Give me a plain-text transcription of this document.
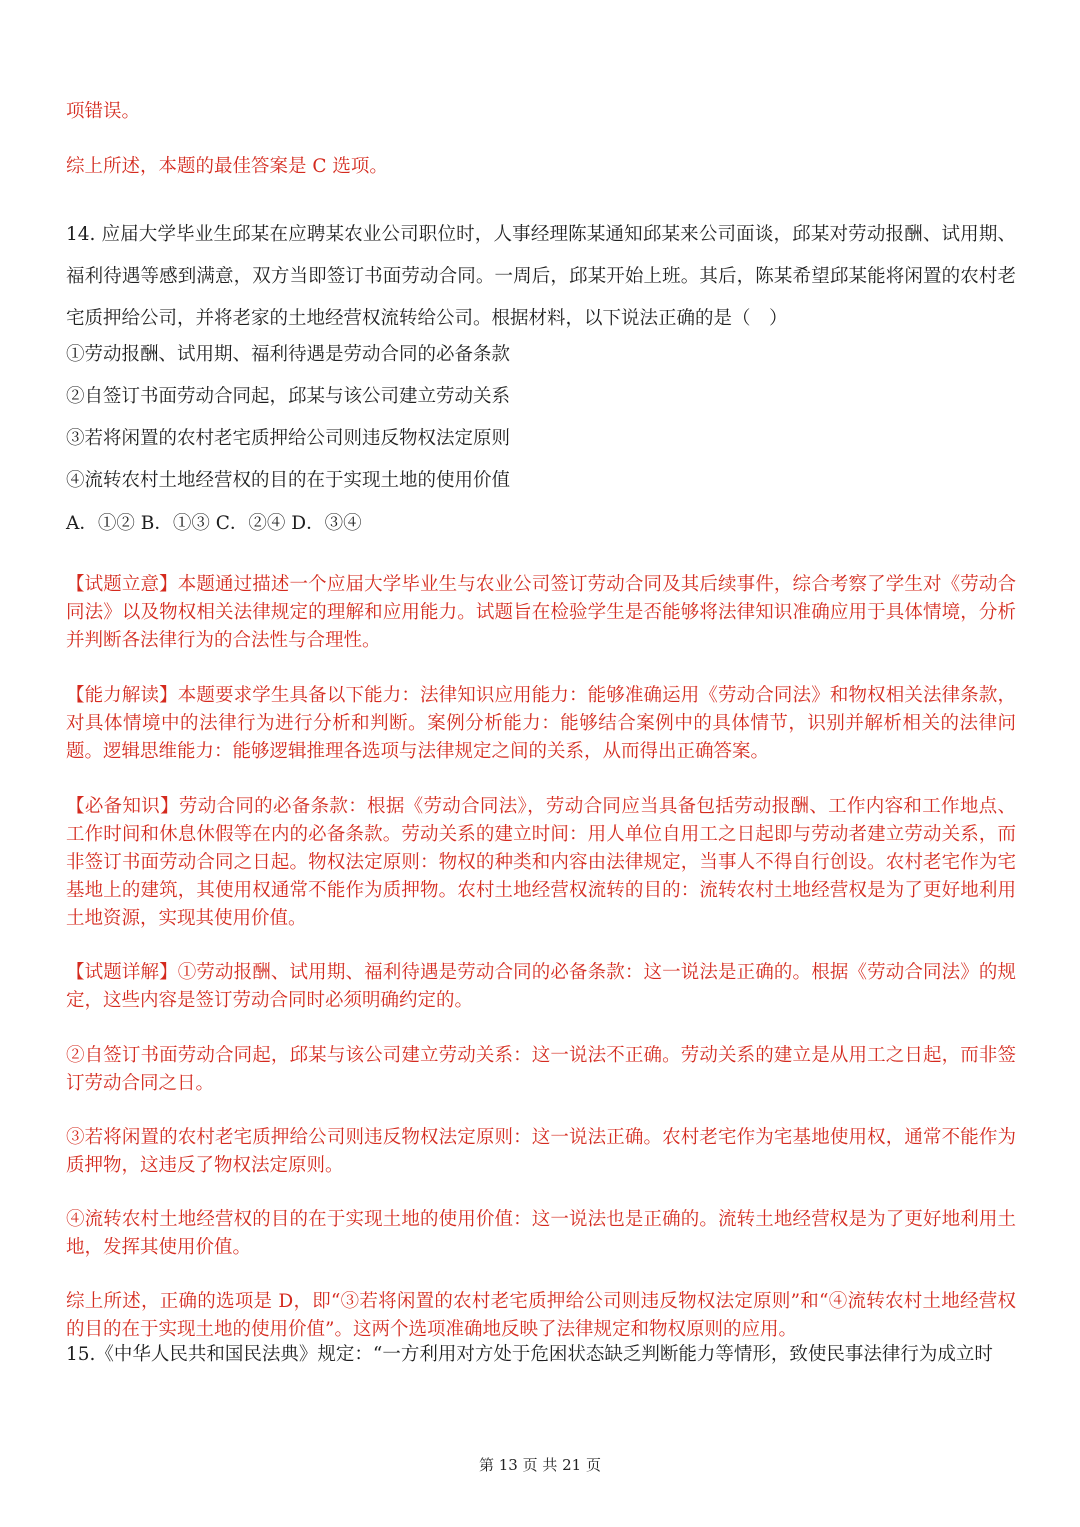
项错误。
综上所述，本题的最佳答案是 C 选项。
14. 应届大学毕业生邱某在应聘某农业公司职位时，人事经理陈某通知邱某来公司面谈，邱某对劳动报酬、试用期、福利待遇等感到满意，双方当即签订书面劳动合同。一周后，邱某开始上班。其后，陈某希望邱某能将闲置的农村老宅质押给公司，并将老家的土地经营权流转给公司。根据材料，以下说法正确的是（　）
①劳动报酬、试用期、福利待遇是劳动合同的必备条款
②自签订书面劳动合同起，邱某与该公司建立劳动关系
③若将闲置的农村老宅质押给公司则违反物权法定原则
④流转农村土地经营权的目的在于实现土地的使用价值
A．①② B．①③ C．②④ D．③④
【试题立意】本题通过描述一个应届大学毕业生与农业公司签订劳动合同及其后续事件，综合考察了学生对《劳动合同法》以及物权相关法律规定的理解和应用能力。试题旨在检验学生是否能够将法律知识准确应用于具体情境，分析并判断各法律行为的合法性与合理性。
【能力解读】本题要求学生具备以下能力：法律知识应用能力：能够准确运用《劳动合同法》和物权相关法律条款，对具体情境中的法律行为进行分析和判断。案例分析能力：能够结合案例中的具体情节，识别并解析相关的法律问题。逻辑思维能力：能够逻辑推理各选项与法律规定之间的关系，从而得出正确答案。
【必备知识】劳动合同的必备条款：根据《劳动合同法》，劳动合同应当具备包括劳动报酬、工作内容和工作地点、工作时间和休息休假等在内的必备条款。劳动关系的建立时间：用人单位自用工之日起即与劳动者建立劳动关系，而非签订书面劳动合同之日起。物权法定原则：物权的种类和内容由法律规定，当事人不得自行创设。农村老宅作为宅基地上的建筑，其使用权通常不能作为质押物。农村土地经营权流转的目的：流转农村土地经营权是为了更好地利用土地资源，实现其使用价值。
【试题详解】①劳动报酬、试用期、福利待遇是劳动合同的必备条款：这一说法是正确的。根据《劳动合同法》的规定，这些内容是签订劳动合同时必须明确约定的。
②自签订书面劳动合同起，邱某与该公司建立劳动关系：这一说法不正确。劳动关系的建立是从用工之日起，而非签订劳动合同之日。
③若将闲置的农村老宅质押给公司则违反物权法定原则：这一说法正确。农村老宅作为宅基地使用权，通常不能作为质押物，这违反了物权法定原则。
④流转农村土地经营权的目的在于实现土地的使用价值：这一说法也是正确的。流转土地经营权是为了更好地利用土地，发挥其使用价值。
综上所述，正确的选项是 D，即“③若将闲置的农村老宅质押给公司则违反物权法定原则”和“④流转农村土地经营权的目的在于实现土地的使用价值”。这两个选项准确地反映了法律规定和物权原则的应用。
15.《中华人民共和国民法典》规定：“一方利用对方处于危困状态缺乏判断能力等情形，致使民事法律行为成立时
第 13 页 共 21 页
